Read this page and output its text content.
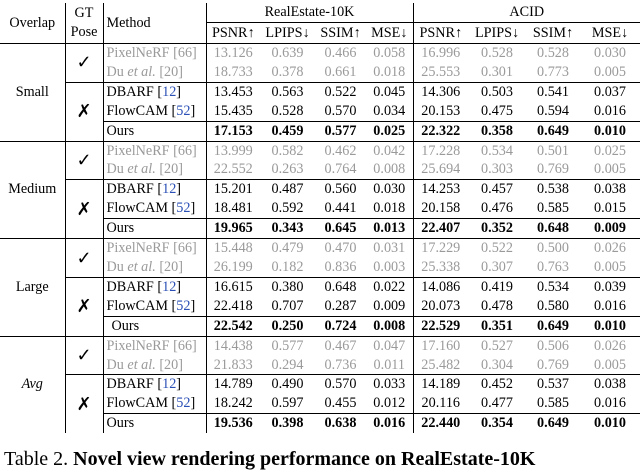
Overlap	GT
Pose	Method	RealEstate-10K				ACID			
			PSNR↑	LPIPS↓	SSIM↑	MSE↓	PSNR↑	LPIPS↓	SSIM↑	MSE↓
Small	✓	PixelNeRF [66]	13.126	0.639	0.466	0.058	16.996	0.528	0.528	0.030
		Du et al. [20]	18.733	0.378	0.661	0.018	25.553	0.301	0.773	0.005
	✗	DBARF [12]	13.453	0.563	0.522	0.045	14.306	0.503	0.541	0.037
		FlowCAM [52]	15.435	0.528	0.570	0.034	20.153	0.475	0.594	0.016
		Ours	17.153	0.459	0.577	0.025	22.322	0.358	0.649	0.010
Medium	✓	PixelNeRF [66]	13.999	0.582	0.462	0.042	17.228	0.534	0.501	0.025
		Du et al. [20]	22.552	0.263	0.764	0.008	25.694	0.303	0.769	0.005
	✗	DBARF [12]	15.201	0.487	0.560	0.030	14.253	0.457	0.538	0.038
		FlowCAM [52]	18.481	0.592	0.441	0.018	20.158	0.476	0.585	0.015
		Ours	19.965	0.343	0.645	0.013	22.407	0.352	0.648	0.009
Large	✓	PixelNeRF [66]	15.448	0.479	0.470	0.031	17.229	0.522	0.500	0.026
		Du et al. [20]	26.199	0.182	0.836	0.003	25.338	0.307	0.763	0.005
	✗	DBARF [12]	16.615	0.380	0.648	0.022	14.086	0.419	0.534	0.039
		FlowCAM [52]	22.418	0.707	0.287	0.009	20.073	0.478	0.580	0.016
		Ours	22.542	0.250	0.724	0.008	22.529	0.351	0.649	0.010
Avg	✓	PixelNeRF [66]	14.438	0.577	0.467	0.047	17.160	0.527	0.506	0.026
		Du et al. [20]	21.833	0.294	0.736	0.011	25.482	0.304	0.769	0.005
	✗	DBARF [12]	14.789	0.490	0.570	0.033	14.189	0.452	0.537	0.038
		FlowCAM [52]	18.242	0.597	0.455	0.012	20.116	0.477	0.585	0.016
		Ours	19.536	0.398	0.638	0.016	22.440	0.354	0.649	0.010
Table 2. Novel view rendering performance on RealEstate-10K
